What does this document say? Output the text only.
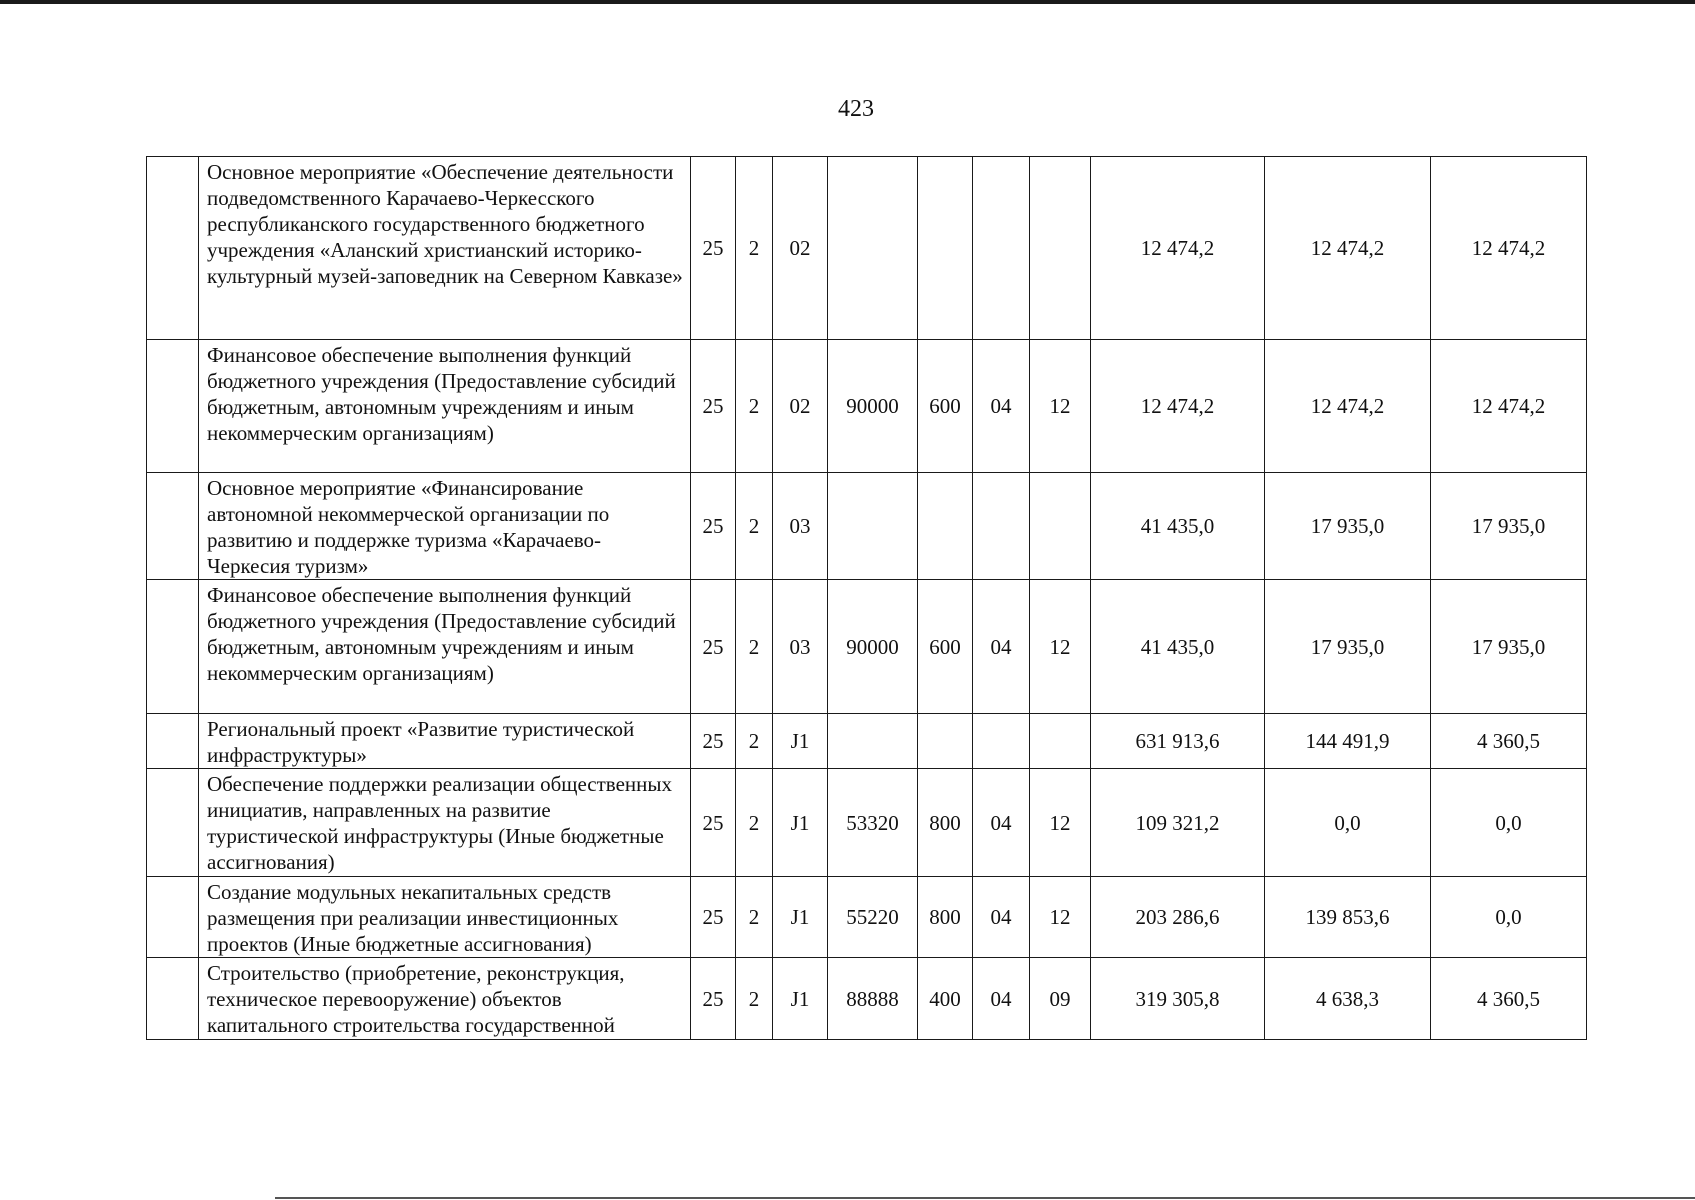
423
	Основное мероприятие «Обеспечение деятельности подведомственного Карачаево-Черкесского республиканского государственного бюджетного учреждения «Аланский христианский историко-культурный музей-заповедник на Северном Кавказе»	25	2	02					12 474,2	12 474,2	12 474,2
	Финансовое обеспечение выполнения функций бюджетного учреждения (Предоставление субсидий бюджетным, автономным учреждениям и иным некоммерческим организациям)	25	2	02	90000	600	04	12	12 474,2	12 474,2	12 474,2
	Основное мероприятие «Финансирование автономной некоммерческой организации по развитию и поддержке туризма «Карачаево-Черкесия туризм»	25	2	03					41 435,0	17 935,0	17 935,0
	Финансовое обеспечение выполнения функций бюджетного учреждения (Предоставление субсидий бюджетным, автономным учреждениям и иным некоммерческим организациям)	25	2	03	90000	600	04	12	41 435,0	17 935,0	17 935,0
	Региональный проект «Развитие туристической инфраструктуры»	25	2	J1					631 913,6	144 491,9	4 360,5
	Обеспечение поддержки реализации общественных инициатив, направленных на развитие туристической инфраструктуры (Иные бюджетные ассигнования)	25	2	J1	53320	800	04	12	109 321,2	0,0	0,0
	Создание модульных некапитальных средств размещения при реализации инвестиционных проектов (Иные бюджетные ассигнования)	25	2	J1	55220	800	04	12	203 286,6	139 853,6	0,0
	Строительство (приобретение, реконструкция, техническое перевооружение) объектов капитального строительства государственной	25	2	J1	88888	400	04	09	319 305,8	4 638,3	4 360,5
